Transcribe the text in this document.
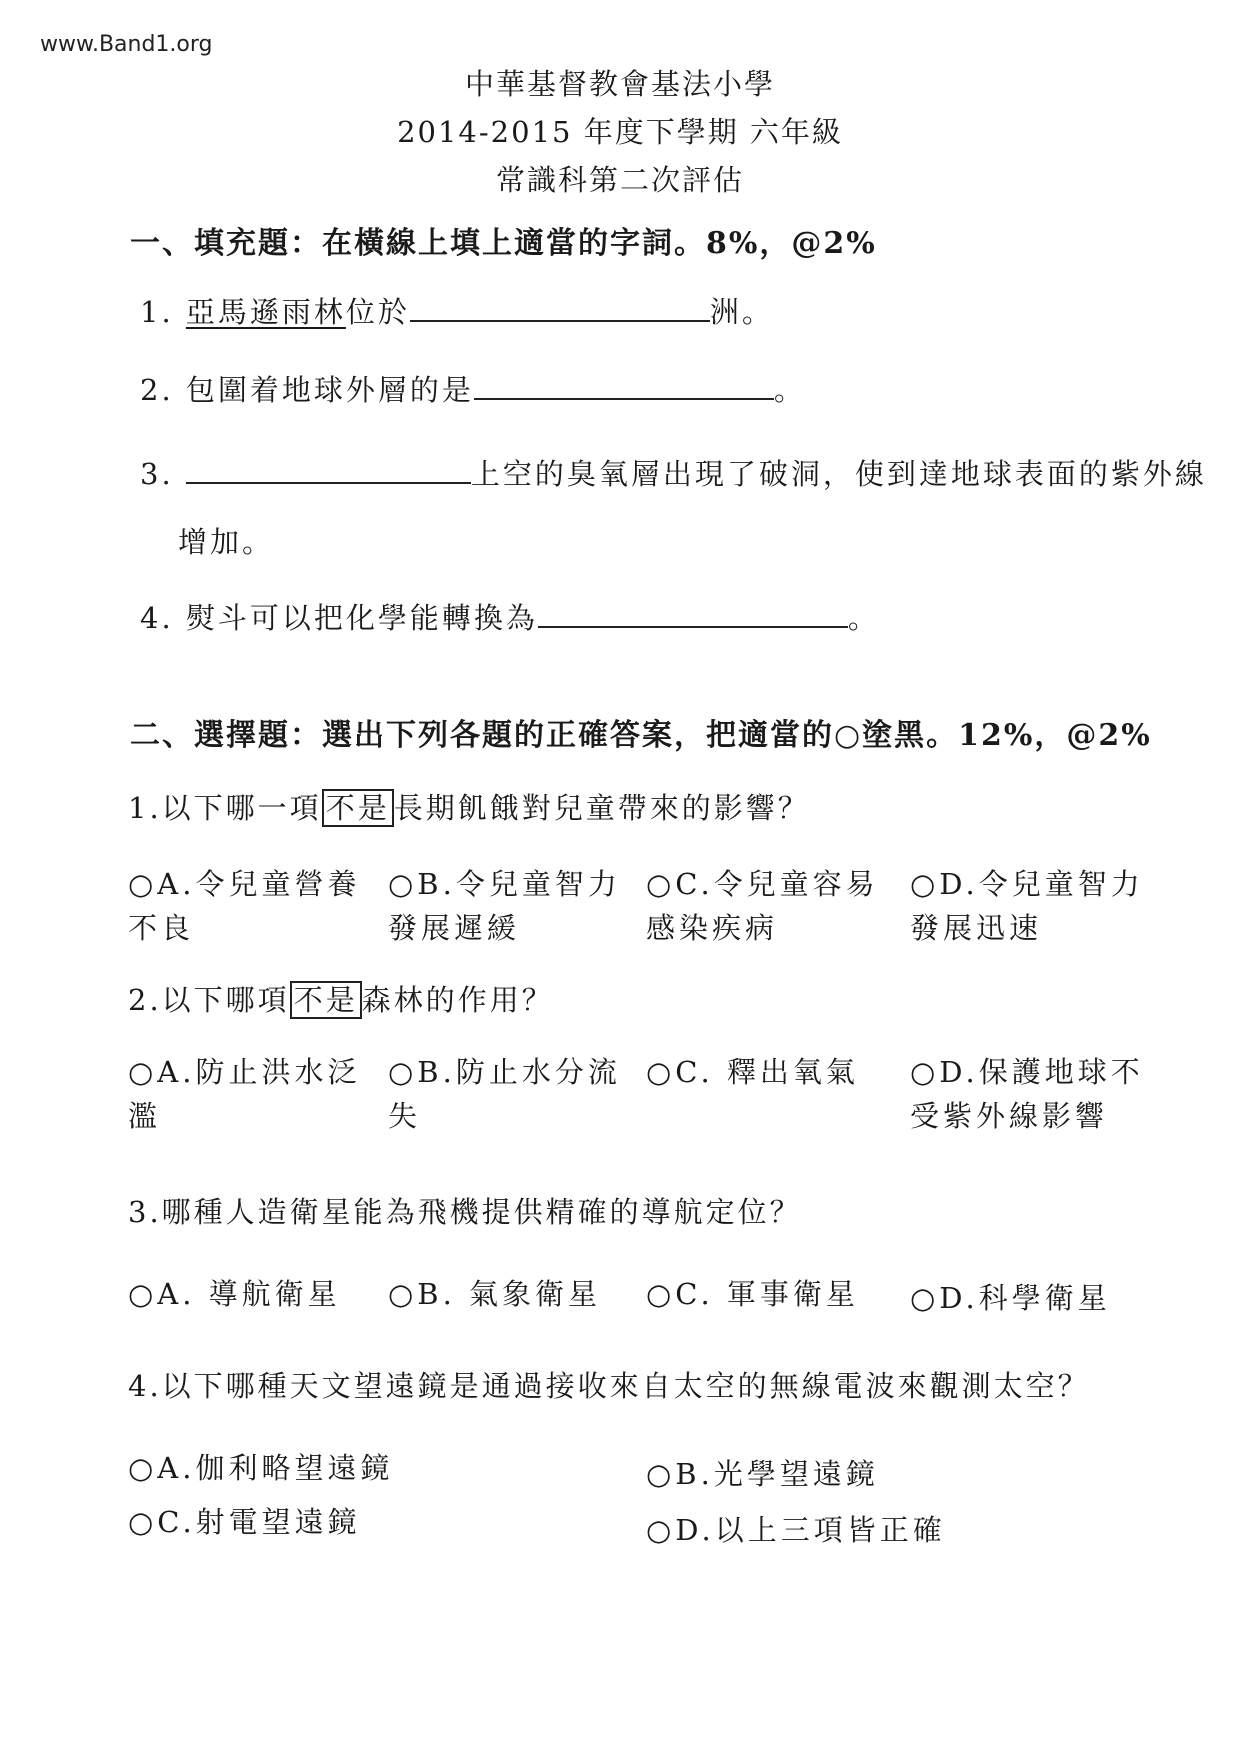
www.Band1.org
中華基督教會基法小學
2014-2015 年度下學期 六年級
常識科第二次評估
一、填充題：在橫線上填上適當的字詞。8%，@2%
1. 亞馬遜雨林位於	洲。
2. 包圍着地球外層的是	。
3.	上空的臭氧層出現了破洞，使到達地球表面的紫外線
增加。
4. 熨斗可以把化學能轉換為	。
二、選擇題：選出下列各題的正確答案，把適當的○塗黑。12%，@2%
1.以下哪一項 不是 長期飢餓對兒童帶來的影響？
○A.令兒童營養不良
○B.令兒童智力發展遲緩
○C.令兒童容易感染疾病
○D.令兒童智力發展迅速
2.以下哪項 不是 森林的作用？
○A.防止洪水泛濫
○B.防止水分流失
○C. 釋出氧氣	○D.保護地球不受紫外線影響
3.哪種人造衛星能為飛機提供精確的導航定位？
○A. 導航衛星	○B. 氣象衛星	○C. 軍事衛星	○D.科學衛星
4.以下哪種天文望遠鏡是通過接收來自太空的無線電波來觀測太空？
○A.伽利略望遠鏡	○B.光學望遠鏡
○C.射電望遠鏡	○D.以上三項皆正確
